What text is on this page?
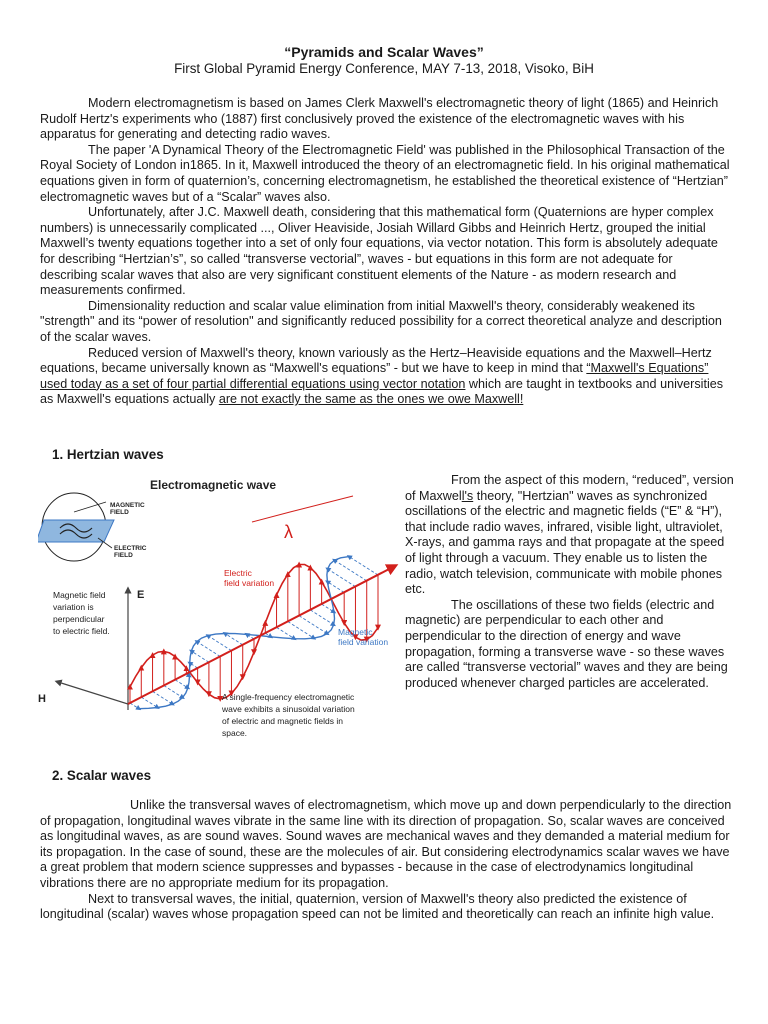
“Pyramids and Scalar Waves”
First Global Pyramid Energy Conference, MAY 7-13, 2018, Visoko, BiH

Modern electromagnetism is based on James Clerk Maxwell's electromagnetic theory of light (1865) and Heinrich Rudolf Hertz's experiments who (1887) first conclusively proved the existence of the electromagnetic waves with his apparatus for generating and detecting radio waves.

The paper 'A Dynamical Theory of the Electromagnetic Field' was published in the Philosophical Transaction of the Royal Society of London in1865. In it, Maxwell introduced the theory of an electromagnetic field. In his original mathematical equations given in form of quaternion’s, concerning electromagnetism, he established the theoretical existence of “Hertzian” electromagnetic waves but of a “Scalar” waves also.

Unfortunately, after J.C. Maxwell death, considering that this mathematical form (Quaternions are hyper complex numbers) is unnecessarily complicated ..., Oliver Heaviside, Josiah Willard Gibbs and Heinrich Hertz, grouped the initial Maxwell’s twenty equations together into a set of only four equations, via vector notation. This form is absolutely adequate for describing “Hertzian’s”, so called “transverse vectorial”, waves - but equations in this form are not adequate for describing scalar waves that also are very significant constituent elements of the Nature - as modern research and measurements confirmed.

Dimensionality reduction and scalar value elimination from initial Maxwell's theory, considerably weakened its "strength" and its “power of resolution" and significantly reduced possibility for a correct theoretical analyze and description of the scalar waves.

Reduced version of Maxwell's theory, known variously as the Hertz–Heaviside equations and the Maxwell–Hertz equations, became universally known as “Maxwell's equations” - but we have to keep in mind that “Maxwell's Equations” used today as a set of four partial differential equations using vector notation which are taught in textbooks and universities as Maxwell's equations actually are not exactly the same as the ones we owe Maxwell!

1. Hertzian waves
Electromagnetic wave
MAGNETIC
FIELD
ELECTRIC
FIELD
Magnetic field
variation is
perpendicular
to electric field.
E
H
λ
Electric
field variation
Magnetic
field variation
A single-frequency electromagnetic
wave exhibits a sinusoidal variation
of electric and magnetic fields in
space.

From the aspect of this modern, “reduced”, version of Maxwell's theory, "Hertzian" waves as synchronized oscillations of the electric and magnetic fields (“E” & “H”), that include radio waves, infrared, visible light, ultraviolet, X-rays, and gamma rays and that propagate at the speed of light through a vacuum. They enable us to listen the radio, watch television, communicate with mobile phones etc.

The oscillations of these two fields (electric and magnetic) are perpendicular to each other and perpendicular to the direction of energy and wave propagation, forming a transverse wave - so these waves are called “transverse vectorial” waves and they are being produced whenever charged particles are accelerated.

2. Scalar waves

Unlike the transversal waves of electromagnetism, which move up and down perpendicularly to the direction of propagation, longitudinal waves vibrate in the same line with its direction of propagation. So, scalar waves are conceived as longitudinal waves, as are sound waves. Sound waves are mechanical waves and they demanded a material medium for its propagation. In the case of sound, these are the molecules of air. But considering electrodynamics scalar waves we have a great problem that modern science suppresses and bypasses - because in the case of electrodynamics longitudinal vibrations there are no appropriate medium for its propagation.

Next to transversal waves, the initial, quaternion, version of Maxwell's theory also predicted the existence of longitudinal (scalar) waves whose propagation speed can not be limited and theoretically can reach an infinite high value.
